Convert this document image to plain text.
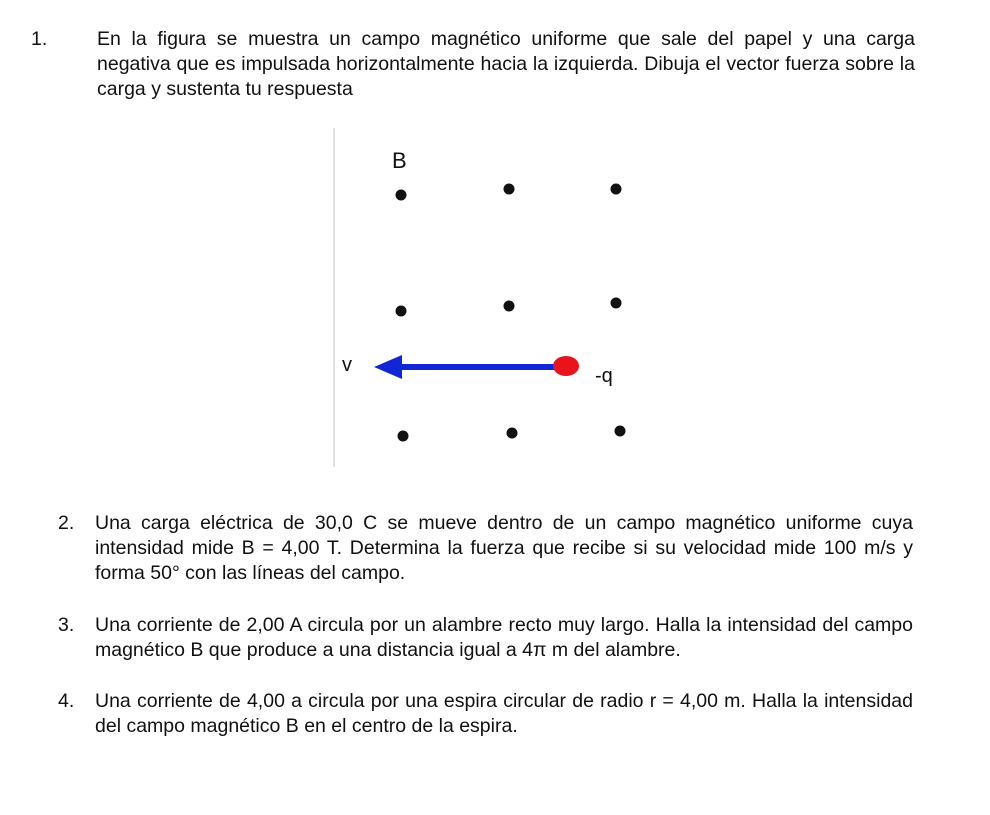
1.	En la figura se muestra un campo magnético uniforme que sale del papel y una carga negativa que es impulsada horizontalmente hacia la izquierda. Dibuja el vector fuerza sobre la carga y sustenta tu respuesta
B
v	-q
2. Una carga eléctrica de 30,0 C se mueve dentro de un campo magnético uniforme cuya intensidad mide B = 4,00 T. Determina la fuerza que recibe si su velocidad mide 100 m/s y forma 50° con las líneas del campo.
3. Una corriente de 2,00 A circula por un alambre recto muy largo. Halla la intensidad del campo magnético B que produce a una distancia igual a 4π m del alambre.
4. Una corriente de 4,00 a circula por una espira circular de radio r = 4,00 m. Halla la intensidad del campo magnético B en el centro de la espira.
